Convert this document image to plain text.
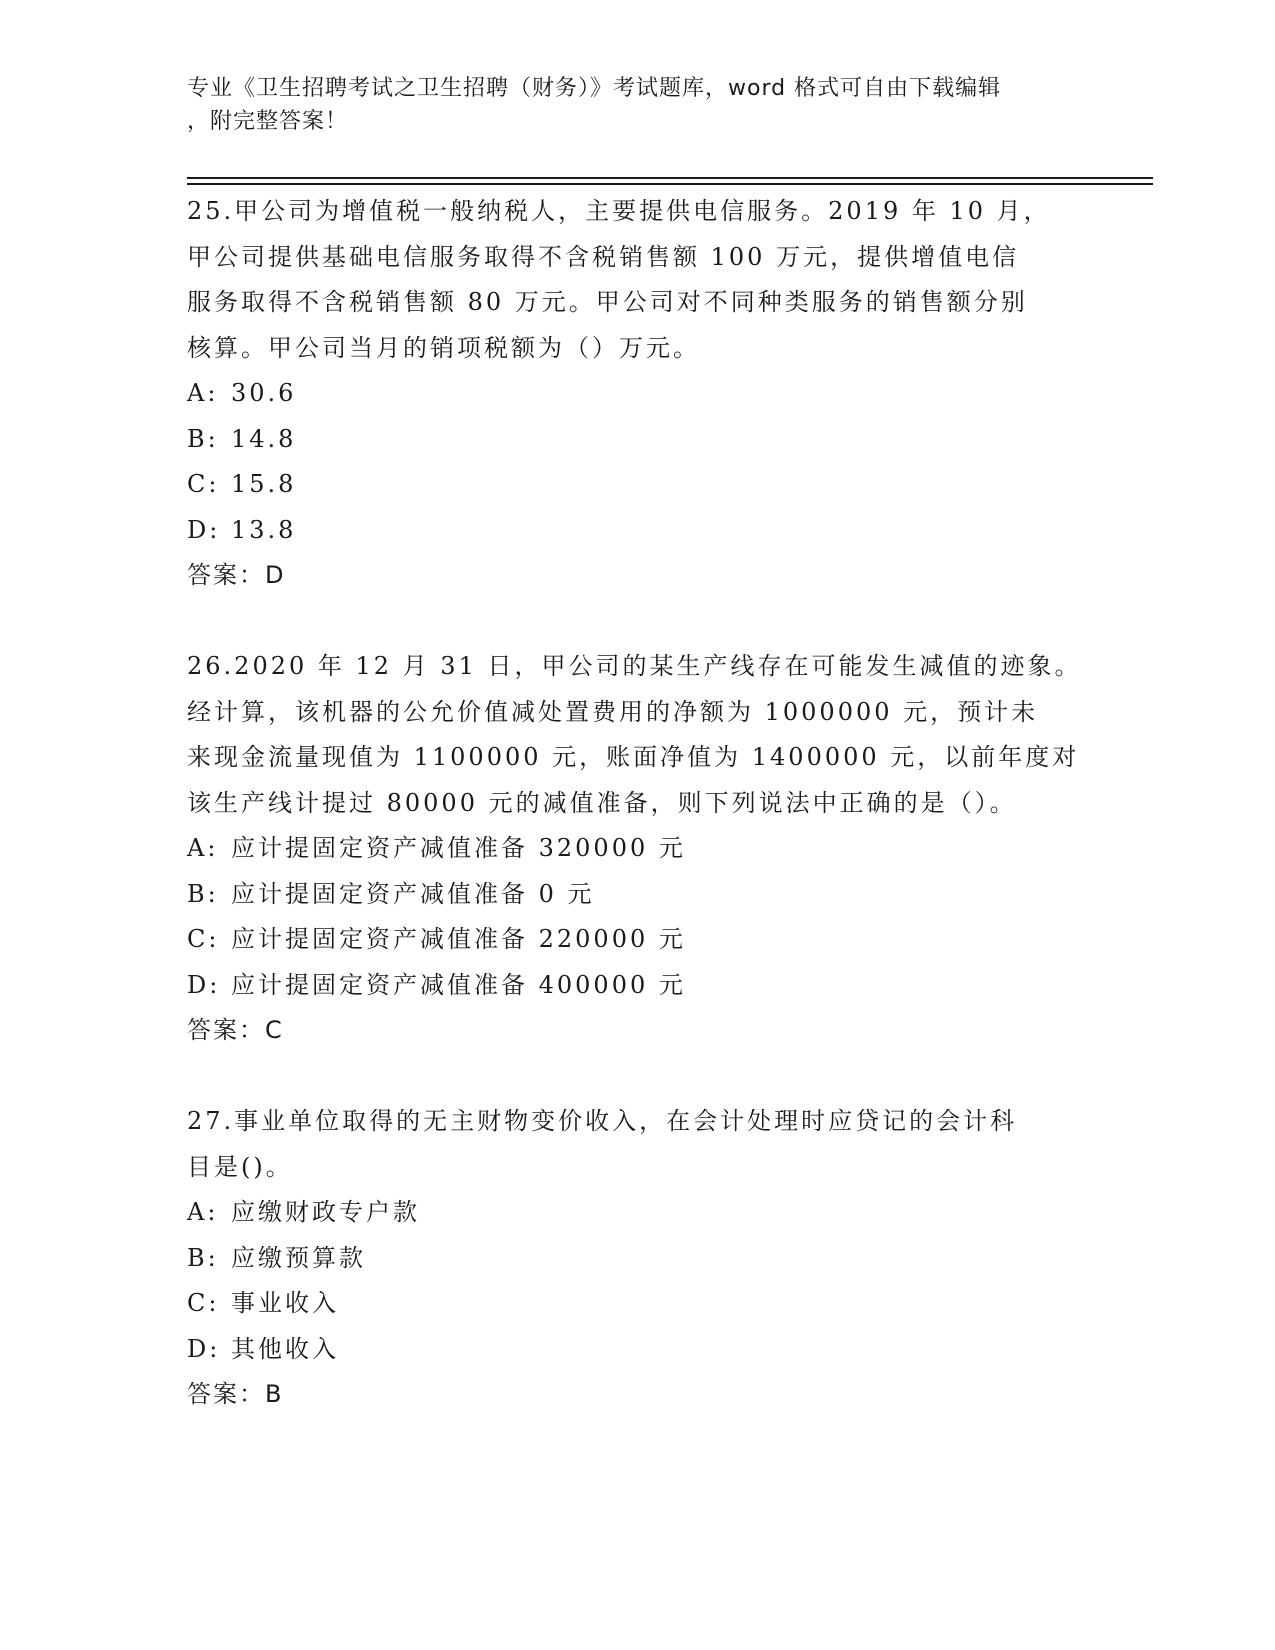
专业《卫生招聘考试之卫生招聘（财务）》考试题库，word 格式可自由下载编辑
，附完整答案！

25.甲公司为增值税一般纳税人，主要提供电信服务。2019 年 10 月，

甲公司提供基础电信服务取得不含税销售额 100 万元，提供增值电信

服务取得不含税销售额 80 万元。甲公司对不同种类服务的销售额分别

核算。甲公司当月的销项税额为（）万元。

A: 30.6

B: 14.8

C: 15.8

D: 13.8

答案：D

26.2020 年 12 月 31 日，甲公司的某生产线存在可能发生减值的迹象。

经计算，该机器的公允价值减处置费用的净额为 1000000 元，预计未

来现金流量现值为 1100000 元，账面净值为 1400000 元，以前年度对

该生产线计提过 80000 元的减值准备，则下列说法中正确的是（）。

A: 应计提固定资产减值准备 320000 元

B: 应计提固定资产减值准备 0 元

C: 应计提固定资产减值准备 220000 元

D: 应计提固定资产减值准备 400000 元

答案：C

27.事业单位取得的无主财物变价收入，在会计处理时应贷记的会计科

目是()。

A: 应缴财政专户款

B: 应缴预算款

C: 事业收入

D: 其他收入

答案：B
